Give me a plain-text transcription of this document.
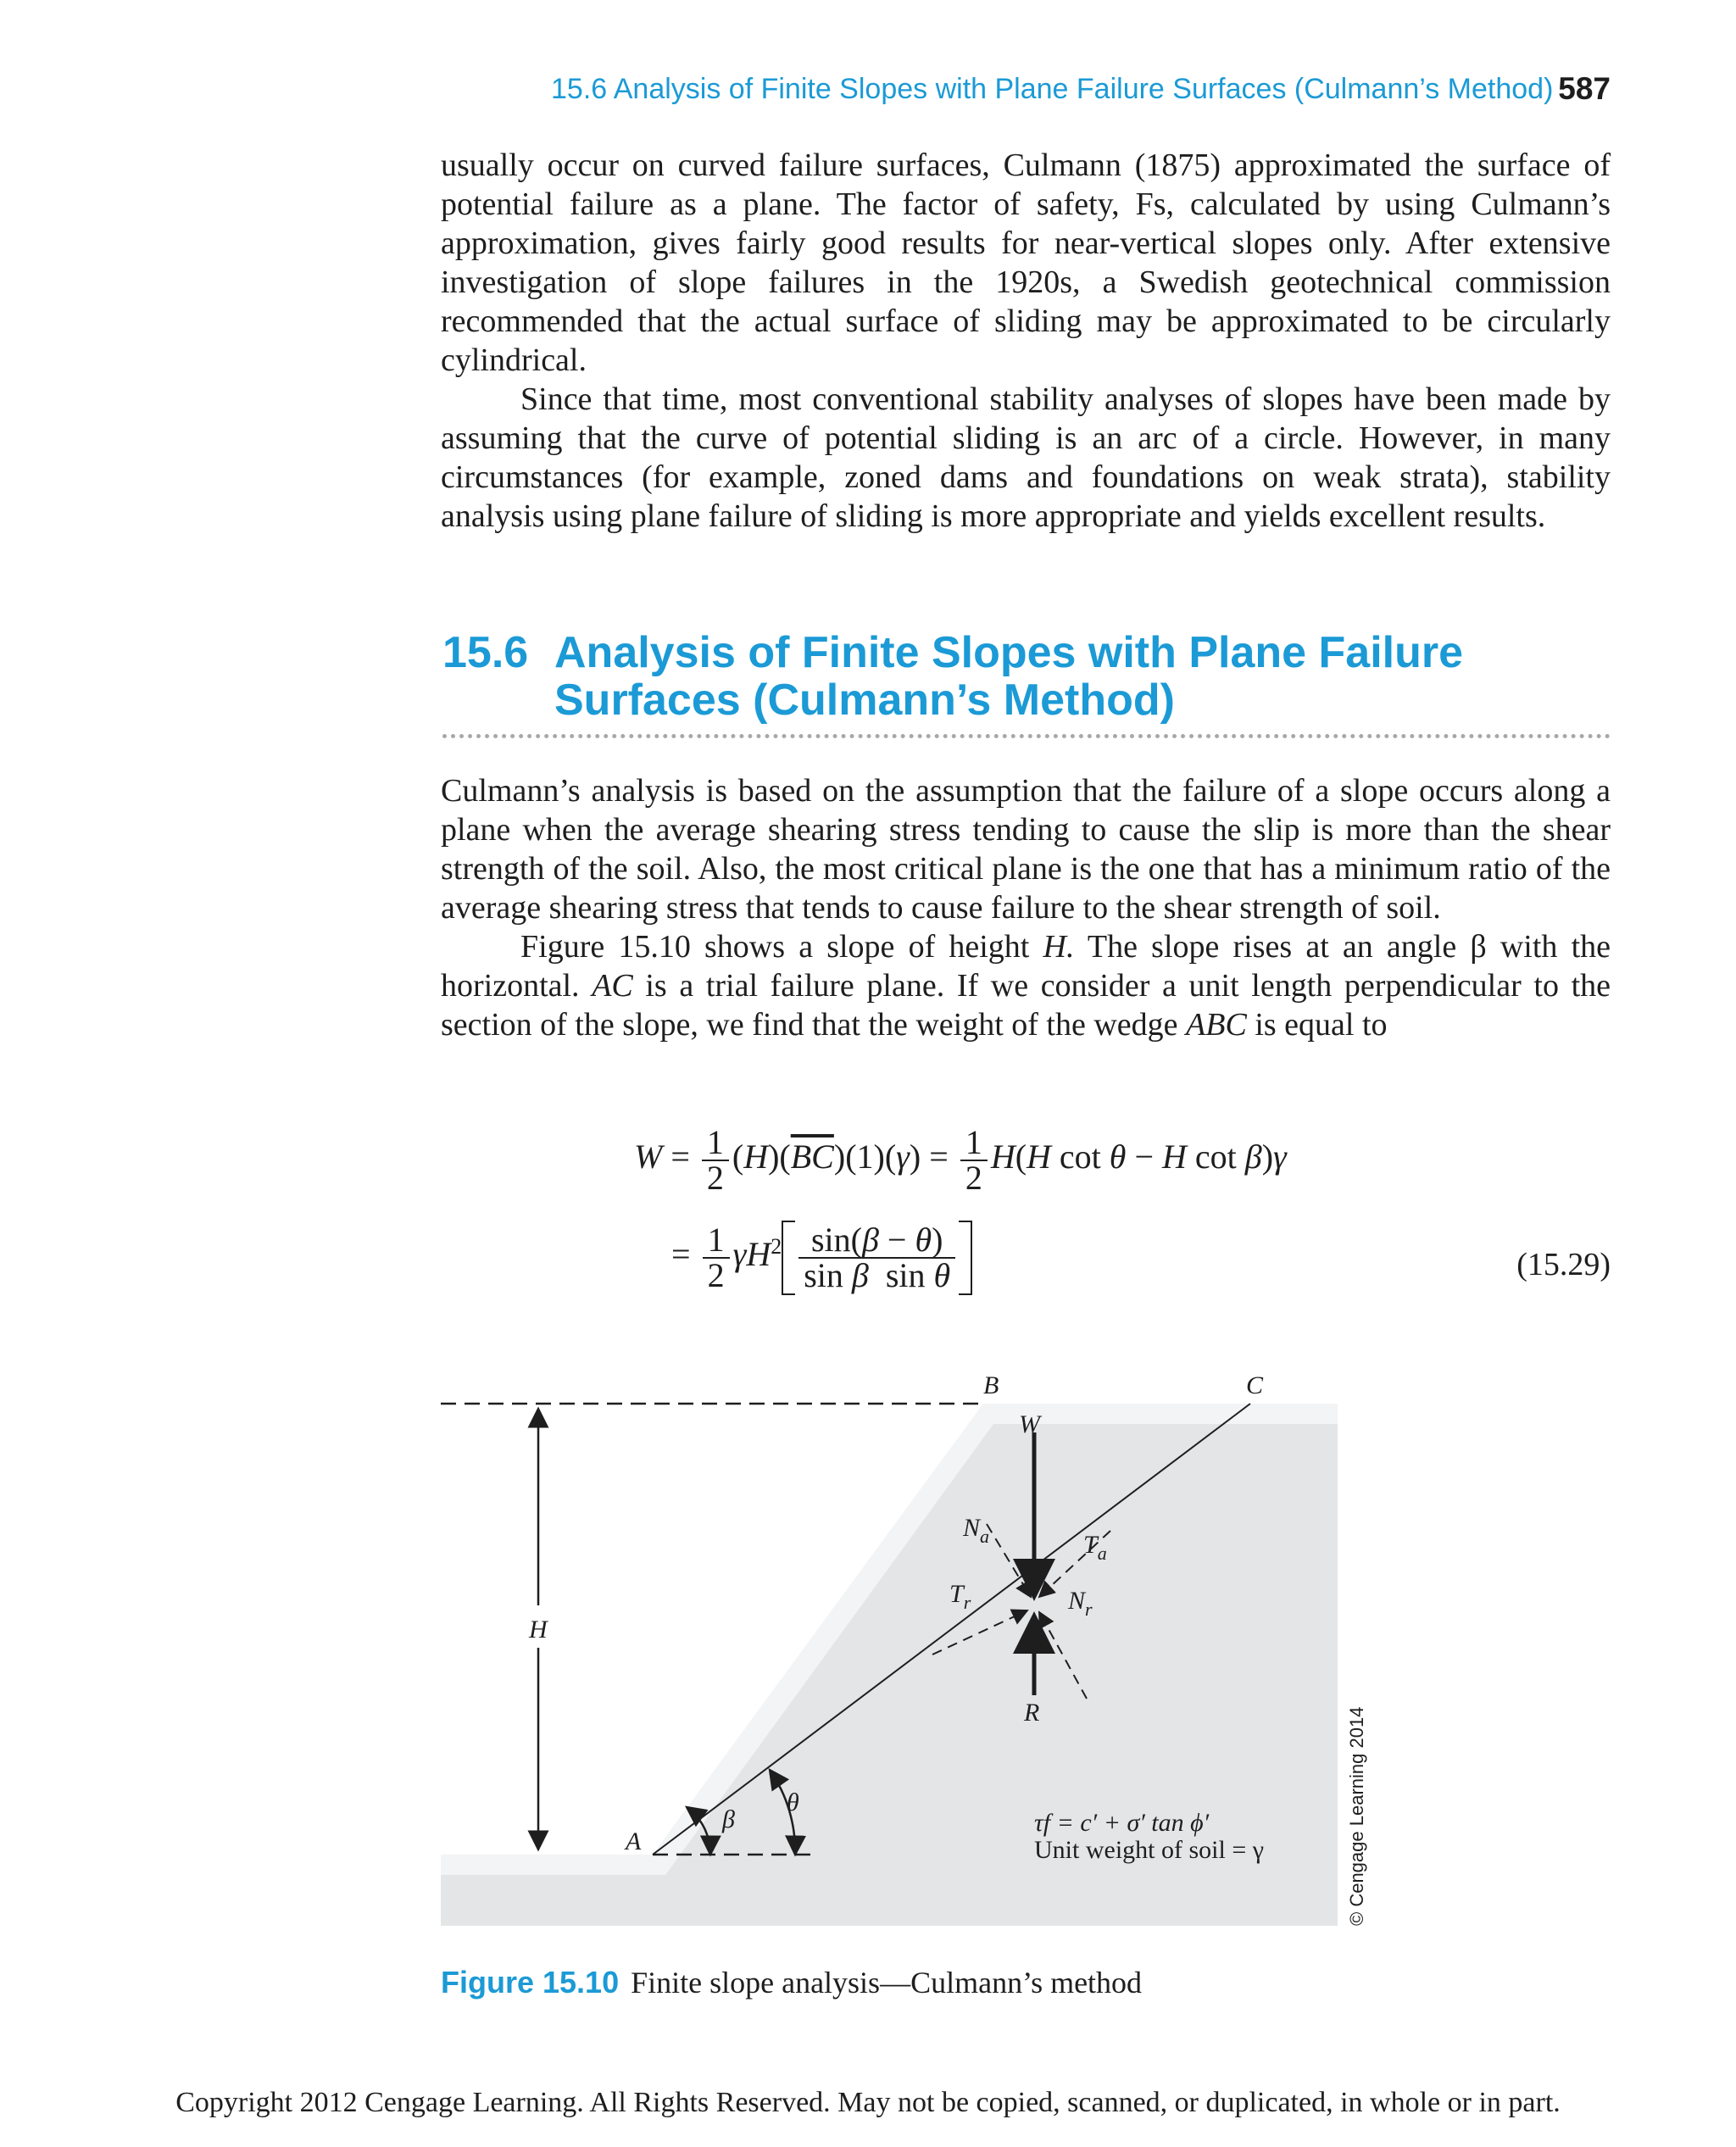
15.6 Analysis of Finite Slopes with Plane Failure Surfaces (Culmann’s Method) 587

usually occur on curved failure surfaces, Culmann (1875) approximated the surface of potential failure as a plane. The factor of safety, Fs, calculated by using Culmann’s approximation, gives fairly good results for near-vertical slopes only. After extensive investigation of slope failures in the 1920s, a Swedish geotechnical commission recommended that the actual surface of sliding may be approximated to be circularly cylindrical.

Since that time, most conventional stability analyses of slopes have been made by assuming that the curve of potential sliding is an arc of a circle. However, in many circumstances (for example, zoned dams and foundations on weak strata), stability analysis using plane failure of sliding is more appropriate and yields excellent results.

15.6 Analysis of Finite Slopes with Plane Failure
Surfaces (Culmann’s Method)

Culmann’s analysis is based on the assumption that the failure of a slope occurs along a plane when the average shearing stress tending to cause the slip is more than the shear strength of the soil. Also, the most critical plane is the one that has a minimum ratio of the average shearing stress that tends to cause failure to the shear strength of soil.

Figure 15.10 shows a slope of height H. The slope rises at an angle β with the horizontal. AC is a trial failure plane. If we consider a unit length perpendicular to the section of the slope, we find that the weight of the wedge ABC is equal to

$W = \frac{1}{2} (H)(\overline{BC})(1)(\gamma) = \frac{1}{2} H(H$ cot θ − H cot β)γ
= $\frac{1}{2} \gamma H^2 \frac{\sin(\beta - \theta)}{\text{sin β  sin θ}}$	(15.29)
H
A
B	C
W
R
$N_a$	$T_a$
$T_r$	$N_r$
β
θ
τf = c′ + σ′ tan ϕ′
Unit weight of soil = γ	© Cengage Learning 2014
Figure 15.10 Finite slope analysis—Culmann’s method
Copyright 2012 Cengage Learning. All Rights Reserved. May not be copied, scanned, or duplicated, in whole or in part.
